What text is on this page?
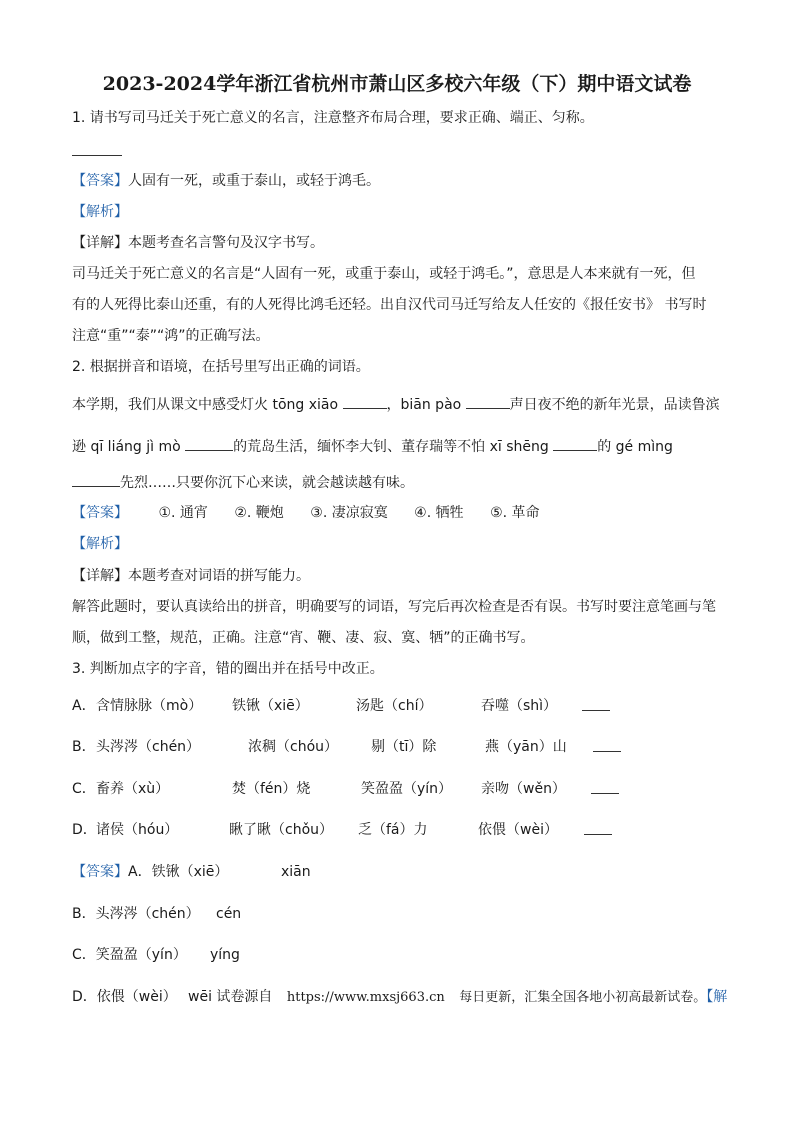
2023-2024学年浙江省杭州市萧山区多校六年级（下）期中语文试卷
1. 请书写司马迁关于死亡意义的名言，注意整齐布局合理，要求正确、端正、匀称。
【答案】人固有一死，或重于泰山，或轻于鸿毛。
【解析】
【详解】本题考查名言警句及汉字书写。
司马迁关于死亡意义的名言是“人固有一死，或重于泰山，或轻于鸿毛。”，意思是人本来就有一死，但
有的人死得比泰山还重，有的人死得比鸿毛还轻。出自汉代司马迁写给友人任安的《报任安书》 书写时
注意“重”“泰”“鸿”的正确写法。
2. 根据拼音和语境，在括号里写出正确的词语。
本学期，我们从课文中感受灯火 tōng xiāo	，biān pào	声日夜不绝的新年光景，品读鲁滨
逊 qī liáng jì mò	的荒岛生活，缅怀李大钊、董存瑞等不怕 xī shēng	的 gé mìng
先烈……只要你沉下心来读，就会越读越有味。
【答案】 ①. 通宵 ②. 鞭炮 ③. 凄凉寂寞 ④. 牺牲 ⑤. 革命
【解析】
【详解】本题考查对词语的拼写能力。
解答此题时，要认真读给出的拼音，明确要写的词语，写完后再次检查是否有误。书写时要注意笔画与笔
顺，做到工整，规范，正确。注意“宵、鞭、凄、寂、寞、牺”的正确书写。
3. 判断加点字的字音，错的圈出并在括号中改正。
A． 含情脉脉（mò） 铁锹（xiē）	汤匙（chí）	吞噬（shì）
B． 头涔涔（chén）	浓稠（chóu） 剔（tī）除	燕（yān）山
C． 畜养（xù）	焚（fén）烧	笑盈盈（yín） 亲吻（wěn）
D． 诸侯（hóu）	瞅了瞅（chǒu） 乏（fá）力	依偎（wèi）
【答案】A．铁锹（xiē）	xiān
B．头涔涔（chén） cén
C．笑盈盈（yín） yíng
D．依偎（wèi） wēi 试卷源自 https://www.mxsj663.cn 每日更新，汇集全国各地小初高最新试卷。【解
